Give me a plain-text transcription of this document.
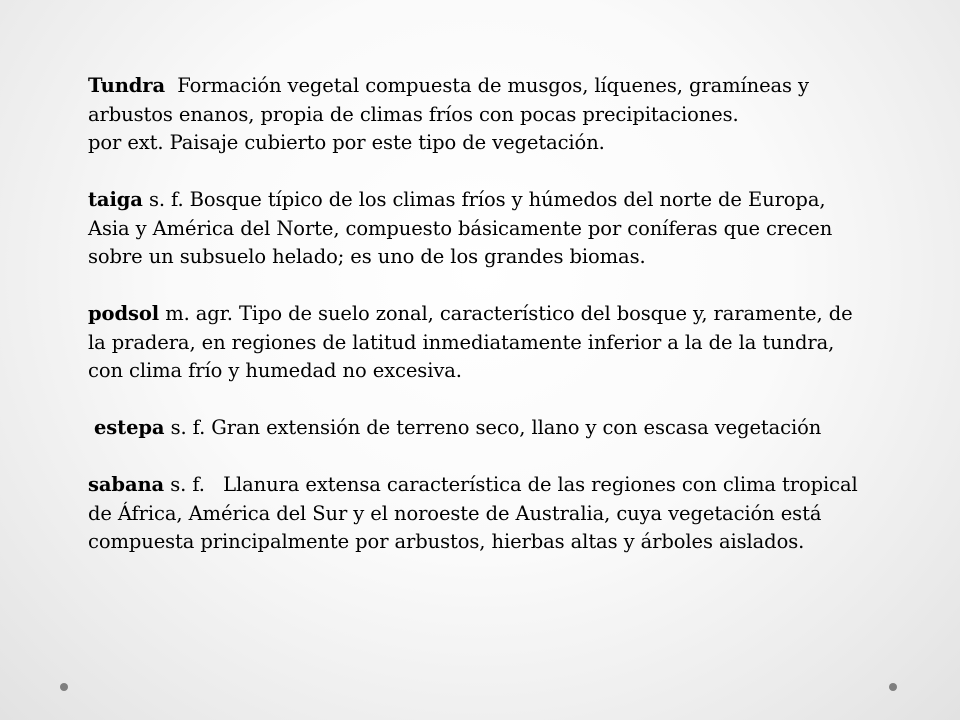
Tundra Formación vegetal compuesta de musgos, líquenes, gramíneas y
arbustos enanos, propia de climas fríos con pocas precipitaciones.
por ext. Paisaje cubierto por este tipo de vegetación.

taiga s. f. Bosque típico de los climas fríos y húmedos del norte de Europa,
Asia y América del Norte, compuesto básicamente por coníferas que crecen
sobre un subsuelo helado; es uno de los grandes biomas.

podsol m. agr. Tipo de suelo zonal, característico del bosque y, raramente, de
la pradera, en regiones de latitud inmediatamente inferior a la de la tundra,
con clima frío y humedad no excesiva.

estepa s. f. Gran extensión de terreno seco, llano y con escasa vegetación

sabana s. f.   Llanura extensa característica de las regiones con clima tropical
de África, América del Sur y el noroeste de Australia, cuya vegetación está
compuesta principalmente por arbustos, hierbas altas y árboles aislados.
